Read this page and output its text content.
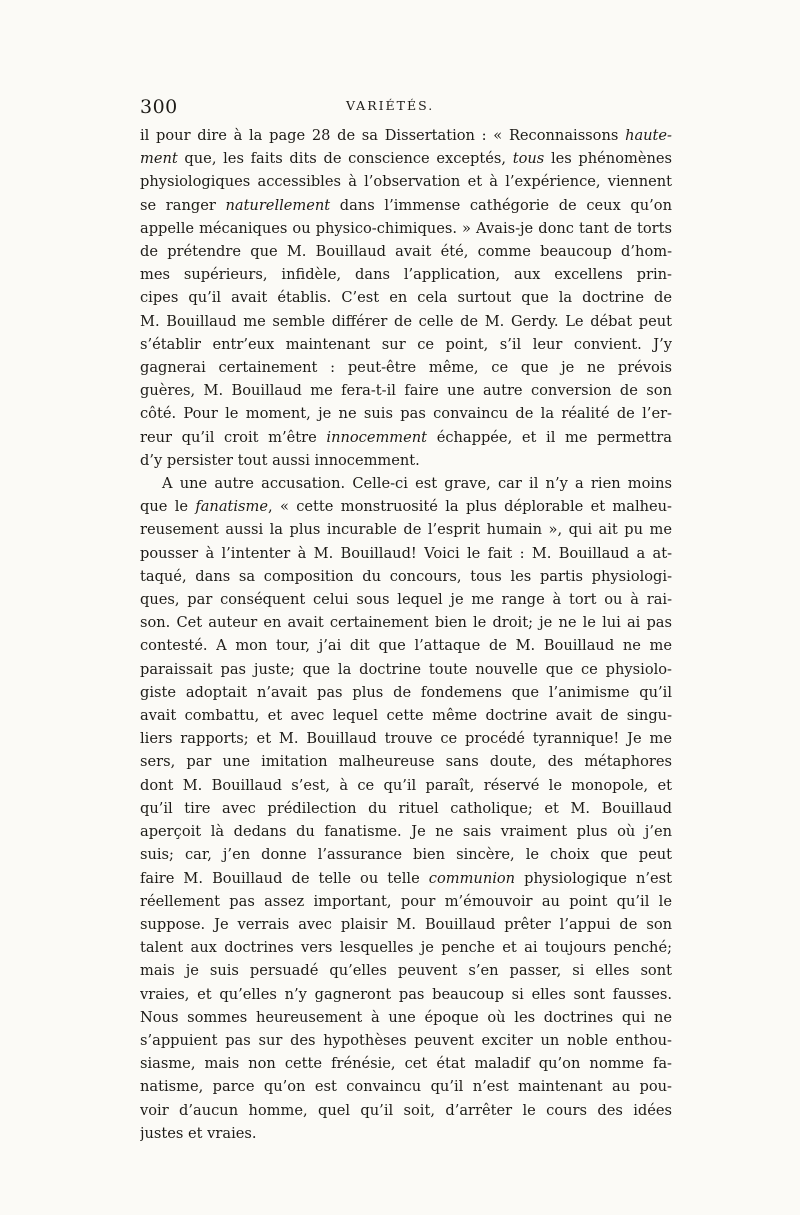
300	VARIÉTÉS.
il pour dire à la page 28 de sa Dissertation : « Reconnaissons haute-
ment que, les faits dits de conscience exceptés, tous les phénomènes
physiologiques accessibles à l’observation et à l’expérience, viennent
se ranger naturellement dans l’immense cathégorie de ceux qu’on
appelle mécaniques ou physico-chimiques. » Avais-je donc tant de torts
de prétendre que M. Bouillaud avait été, comme beaucoup d’hom-
mes supérieurs, infidèle, dans l’application, aux excellens prin-
cipes qu’il avait établis. C’est en cela surtout que la doctrine de
M. Bouillaud me semble différer de celle de M. Gerdy. Le débat peut
s’établir entr’eux maintenant sur ce point, s’il leur convient. J’y
gagnerai certainement : peut-être même, ce que je ne prévois
guères, M. Bouillaud me fera-t-il faire une autre conversion de son
côté. Pour le moment, je ne suis pas convaincu de la réalité de l’er-
reur qu’il croit m’être innocemment échappée, et il me permettra
d’y persister tout aussi innocemment.
A une autre accusation. Celle-ci est grave, car il n’y a rien moins
que le fanatisme, « cette monstruosité la plus déplorable et malheu-
reusement aussi la plus incurable de l’esprit humain », qui ait pu me
pousser à l’intenter à M. Bouillaud! Voici le fait : M. Bouillaud a at-
taqué, dans sa composition du concours, tous les partis physiologi-
ques, par conséquent celui sous lequel je me range à tort ou à rai-
son. Cet auteur en avait certainement bien le droit; je ne le lui ai pas
contesté. A mon tour, j’ai dit que l’attaque de M. Bouillaud ne me
paraissait pas juste; que la doctrine toute nouvelle que ce physiolo-
giste adoptait n’avait pas plus de fondemens que l’animisme qu’il
avait combattu, et avec lequel cette même doctrine avait de singu-
liers rapports; et M. Bouillaud trouve ce procédé tyrannique! Je me
sers, par une imitation malheureuse sans doute, des métaphores
dont M. Bouillaud s’est, à ce qu’il paraît, réservé le monopole, et
qu’il tire avec prédilection du rituel catholique; et M. Bouillaud
aperçoit là dedans du fanatisme. Je ne sais vraiment plus où j’en
suis; car, j’en donne l’assurance bien sincère, le choix que peut
faire M. Bouillaud de telle ou telle communion physiologique n’est
réellement pas assez important, pour m’émouvoir au point qu’il le
suppose. Je verrais avec plaisir M. Bouillaud prêter l’appui de son
talent aux doctrines vers lesquelles je penche et ai toujours penché;
mais je suis persuadé qu’elles peuvent s’en passer, si elles sont
vraies, et qu’elles n’y gagneront pas beaucoup si elles sont fausses.
Nous sommes heureusement à une époque où les doctrines qui ne
s’appuient pas sur des hypothèses peuvent exciter un noble enthou-
siasme, mais non cette frénésie, cet état maladif qu’on nomme fa-
natisme, parce qu’on est convaincu qu’il n’est maintenant au pou-
voir d’aucun homme, quel qu’il soit, d’arrêter le cours des idées
justes et vraies.
